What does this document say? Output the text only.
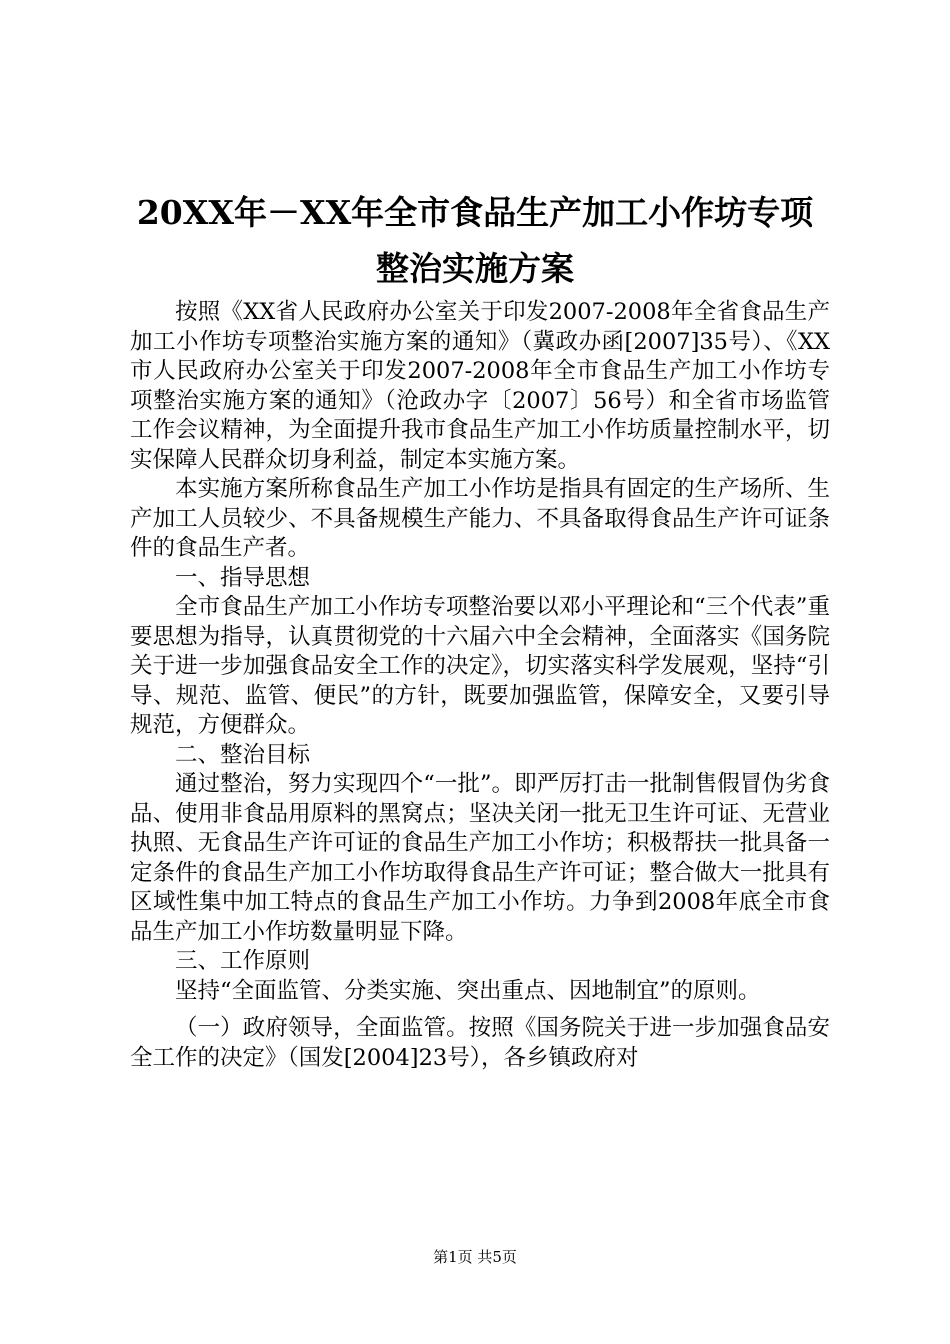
20XX年－XX年全市食品生产加工小作坊专项
整治实施方案

按照《XX省人民政府办公室关于印发2007-2008年全省食品生产加工小作坊专项整治实施方案的通知》（冀政办函[2007]35号）、《XX市人民政府办公室关于印发2007-2008年全市食品生产加工小作坊专项整治实施方案的通知》（沧政办字〔2007〕56号）和全省市场监管工作会议精神，为全面提升我市食品生产加工小作坊质量控制水平，切实保障人民群众切身利益，制定本实施方案。

本实施方案所称食品生产加工小作坊是指具有固定的生产场所、生产加工人员较少、不具备规模生产能力、不具备取得食品生产许可证条件的食品生产者。

一、指导思想

全市食品生产加工小作坊专项整治要以邓小平理论和“三个代表”重要思想为指导，认真贯彻党的十六届六中全会精神，全面落实《国务院关于进一步加强食品安全工作的决定》，切实落实科学发展观，坚持“引导、规范、监管、便民”的方针，既要加强监管，保障安全，又要引导规范，方便群众。

二、整治目标

通过整治，努力实现四个“一批”。即严厉打击一批制售假冒伪劣食品、使用非食品用原料的黑窝点；坚决关闭一批无卫生许可证、无营业执照、无食品生产许可证的食品生产加工小作坊；积极帮扶一批具备一定条件的食品生产加工小作坊取得食品生产许可证；整合做大一批具有区域性集中加工特点的食品生产加工小作坊。力争到2008年底全市食品生产加工小作坊数量明显下降。

三、工作原则

坚持“全面监管、分类实施、突出重点、因地制宜”的原则。

（一）政府领导，全面监管。按照《国务院关于进一步加强食品安全工作的决定》（国发[2004]23号），各乡镇政府对

第1页 共5页
